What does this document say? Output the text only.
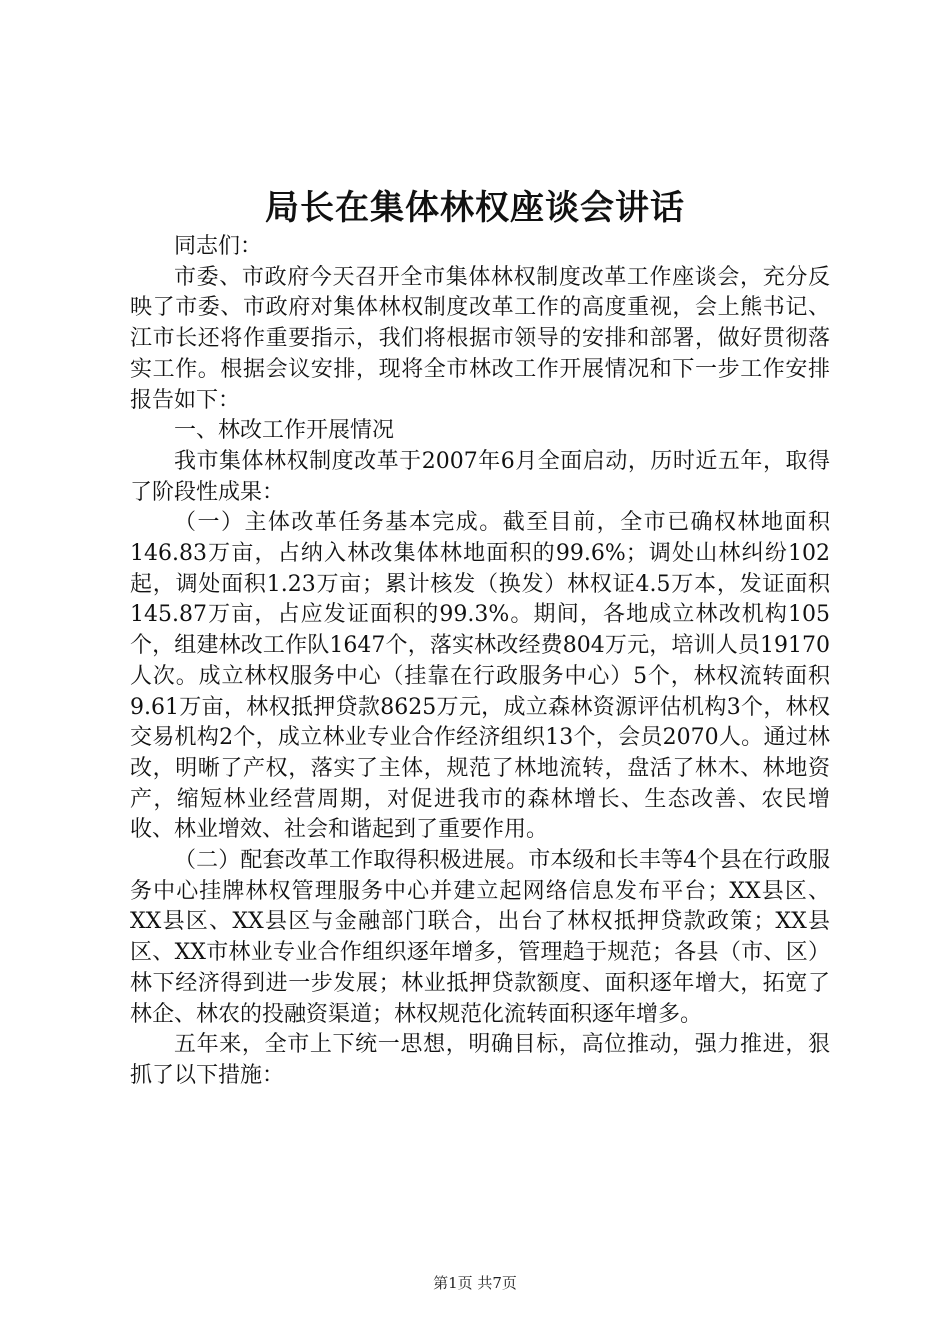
局长在集体林权座谈会讲话

同志们：

市委、市政府今天召开全市集体林权制度改革工作座谈会，充分反映了市委、市政府对集体林权制度改革工作的高度重视，会上熊书记、江市长还将作重要指示，我们将根据市领导的安排和部署，做好贯彻落实工作。根据会议安排，现将全市林改工作开展情况和下一步工作安排报告如下：

一、林改工作开展情况

我市集体林权制度改革于2007年6月全面启动，历时近五年，取得了阶段性成果：

（一）主体改革任务基本完成。截至目前，全市已确权林地面积146.83万亩，占纳入林改集体林地面积的99.6%；调处山林纠纷102起，调处面积1.23万亩；累计核发（换发）林权证4.5万本，发证面积145.87万亩，占应发证面积的99.3%。期间，各地成立林改机构105个，组建林改工作队1647个，落实林改经费804万元，培训人员19170人次。成立林权服务中心（挂靠在行政服务中心）5个，林权流转面积9.61万亩，林权抵押贷款8625万元，成立森林资源评估机构3个，林权交易机构2个，成立林业专业合作经济组织13个，会员2070人。通过林改，明晰了产权，落实了主体，规范了林地流转，盘活了林木、林地资产，缩短林业经营周期，对促进我市的森林增长、生态改善、农民增收、林业增效、社会和谐起到了重要作用。

（二）配套改革工作取得积极进展。市本级和长丰等4个县在行政服务中心挂牌林权管理服务中心并建立起网络信息发布平台；XX县区、XX县区、XX县区与金融部门联合，出台了林权抵押贷款政策；XX县区、XX市林业专业合作组织逐年增多，管理趋于规范；各县（市、区）林下经济得到进一步发展；林业抵押贷款额度、面积逐年增大，拓宽了林企、林农的投融资渠道；林权规范化流转面积逐年增多。

五年来，全市上下统一思想，明确目标，高位推动，强力推进，狠抓了以下措施：

第1页 共7页
